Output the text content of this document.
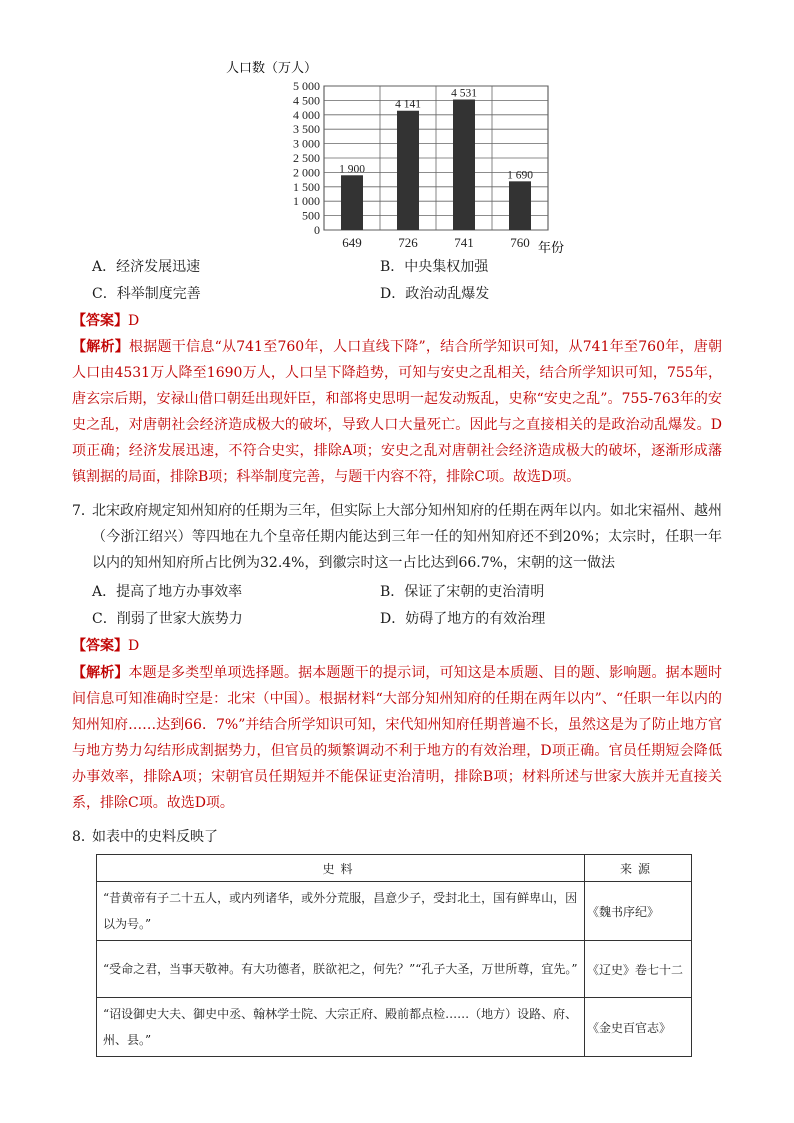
0
500
1 000
1 500
2 000
2 500
3 000
3 500
4 000
4 500
5 000
1 900
4 141
4 531
1 690
649	726	741	760
人口数（万人）
年份
A．经济发展迅速	B．中央集权加强
C．科举制度完善	D．政治动乱爆发
【答案】D
【解析】根据题干信息“从741至760年，人口直线下降”，结合所学知识可知，从741年至760年，唐朝人口由4531万人降至1690万人，人口呈下降趋势，可知与安史之乱相关，结合所学知识可知，755年，唐玄宗后期，安禄山借口朝廷出现奸臣，和部将史思明一起发动叛乱，史称“安史之乱”。755-763年的安史之乱，对唐朝社会经济造成极大的破坏，导致人口大量死亡。因此与之直接相关的是政治动乱爆发。D项正确；经济发展迅速，不符合史实，排除A项；安史之乱对唐朝社会经济造成极大的破坏，逐渐形成藩镇割据的局面，排除B项；科举制度完善，与题干内容不符，排除C项。故选D项。
7．
北宋政府规定知州知府的任期为三年，但实际上大部分知州知府的任期在两年以内。如北宋福州、越州（今浙江绍兴）等四地在九个皇帝任期内能达到三年一任的知州知府还不到20%；太宗时，任职一年以内的知州知府所占比例为32.4%，到徽宗时这一占比达到66.7%，宋朝的这一做法
A．提高了地方办事效率	B．保证了宋朝的吏治清明
C．削弱了世家大族势力	D．妨碍了地方的有效治理
【答案】D
【解析】本题是多类型单项选择题。据本题题干的提示词，可知这是本质题、目的题、影响题。据本题时间信息可知准确时空是：北宋（中国）。根据材料“大部分知州知府的任期在两年以内”、“任职一年以内的知州知府……达到66．7%”并结合所学知识可知，宋代知州知府任期普遍不长，虽然这是为了防止地方官与地方势力勾结形成割据势力，但官员的频繁调动不利于地方的有效治理，D项正确。官员任期短会降低办事效率，排除A项；宋朝官员任期短并不能保证吏治清明，排除B项；材料所述与世家大族并无直接关系，排除C项。故选D项。
8．
如表中的史料反映了
史料	来源
“昔黄帝有子二十五人，或内列诸华，或外分荒服，昌意少子，受封北土，国有鲜卑山，因以为号。”	《魏书序纪》
“受命之君，当事天敬神。有大功德者，朕欲祀之，何先？”“孔子大圣，万世所尊，宜先。”	《辽史》卷七十二
“诏设御史大夫、御史中丞、翰林学士院、大宗正府、殿前都点检……（地方）设路、府、州、县。”	《金史百官志》
